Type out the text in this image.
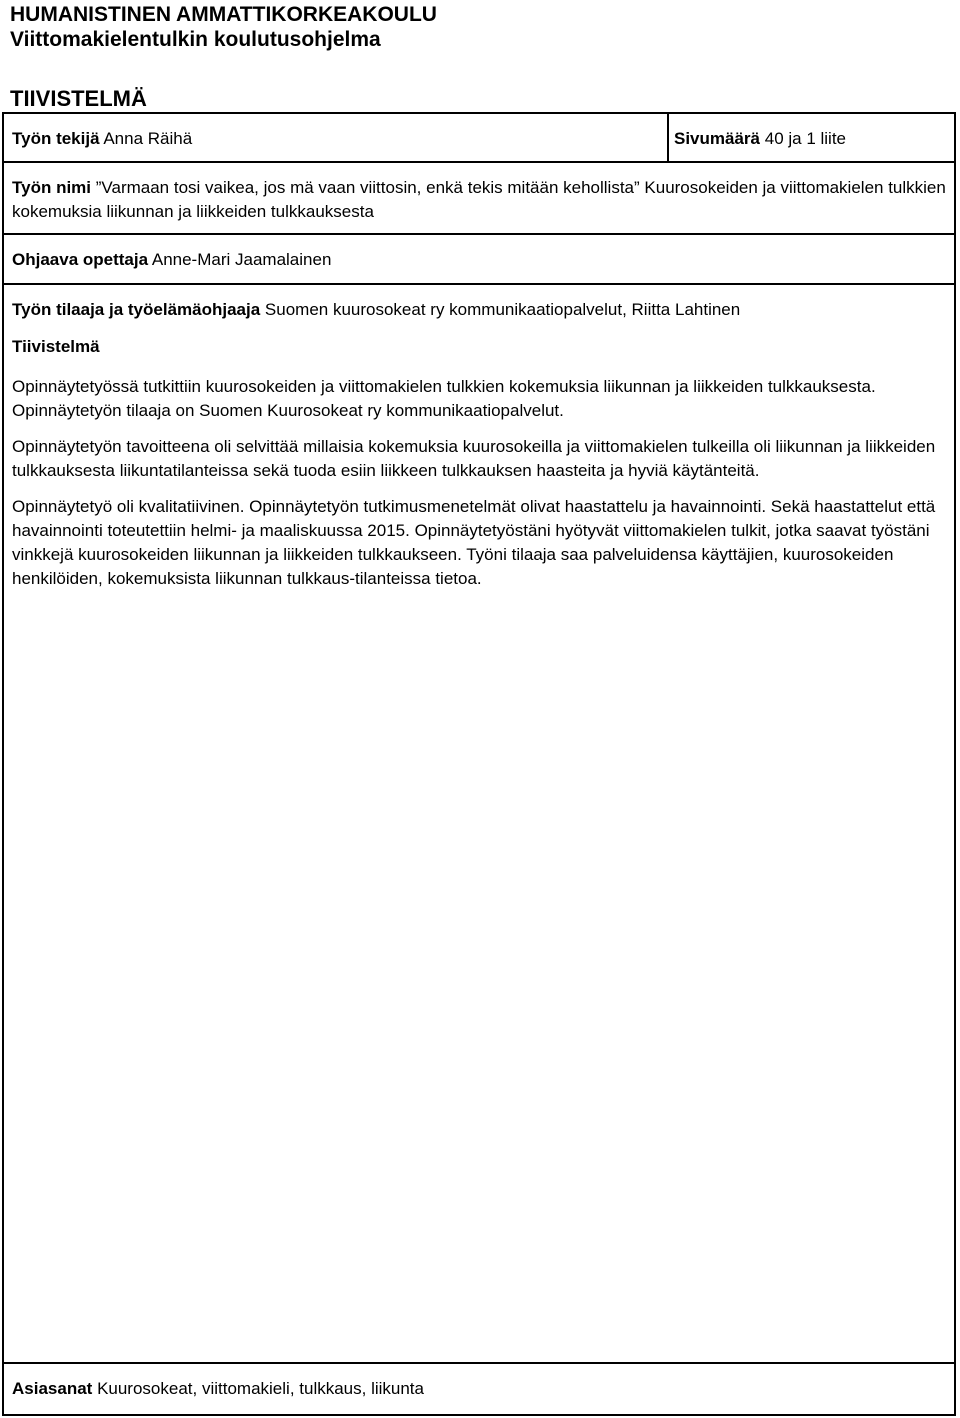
HUMANISTINEN AMMATTIKORKEAKOULU
Viittomakielentulkin koulutusohjelma
TIIVISTELMÄ
Työn tekijä Anna Räihä	Sivumäärä 40 ja 1 liite
Työn nimi ”Varmaan tosi vaikea, jos mä vaan viittosin, enkä tekis mitään kehollista” Kuurosokeiden ja viittomakielen tulkkien kokemuksia liikunnan ja liikkeiden tulkkauksesta
Ohjaava opettaja Anne-Mari Jaamalainen
Työn tilaaja ja työelämäohjaaja Suomen kuurosokeat ry kommunikaatiopalvelut, Riitta Lahtinen
Tiivistelmä

Opinnäytetyössä tutkittiin kuurosokeiden ja viittomakielen tulkkien kokemuksia liikunnan ja liikkeiden tulkkauksesta. Opinnäytetyön tilaaja on Suomen Kuurosokeat ry kommunikaatiopalvelut.

Opinnäytetyön tavoitteena oli selvittää millaisia kokemuksia kuurosokeilla ja viittomakielen tulkeilla oli liikunnan ja liikkeiden tulkkauksesta liikuntatilanteissa sekä tuoda esiin liikkeen tulkkauksen haasteita ja hyviä käytänteitä.

Opinnäytetyö oli kvalitatiivinen. Opinnäytetyön tutkimusmenetelmät olivat haastattelu ja havainnointi. Sekä haastattelut että havainnointi toteutettiin helmi- ja maaliskuussa 2015. Opinnäytetyöstäni hyötyvät viittomakielen tulkit, jotka saavat työstäni vinkkejä kuurosokeiden liikunnan ja liikkeiden tulkkaukseen. Työni tilaaja saa palveluidensa käyttäjien, kuurosokeiden henkilöiden, kokemuksista liikunnan tulkkaus-tilanteissa tietoa.

Asiasanat Kuurosokeat, viittomakieli, tulkkaus, liikunta
